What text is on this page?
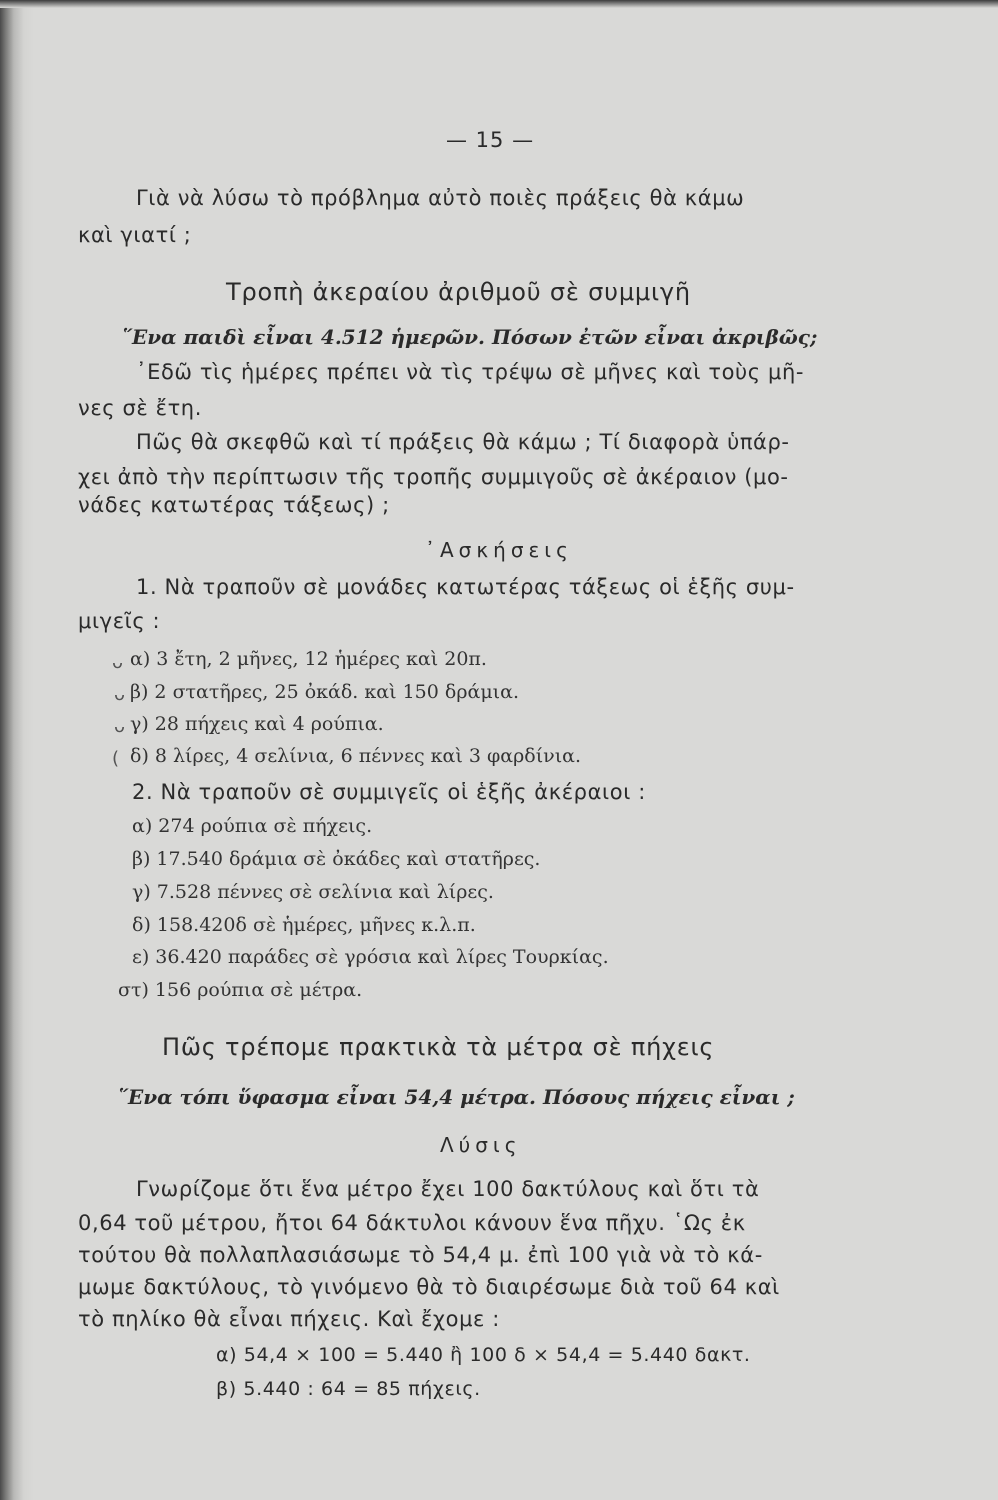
— 15 —
Γιὰ νὰ λύσω τὸ πρόβλημα αὐτὸ ποιὲς πράξεις θὰ κάμω
καὶ γιατί ;
Τροπὴ ἀκεραίου ἀριθμοῦ σὲ συμμιγῆ
῞Ενα παιδὶ εἶναι 4.512 ἡμερῶν. Πόσων ἐτῶν εἶναι ἀκριβῶς;
᾿Εδῶ τὶς ἡμέρες πρέπει νὰ τὶς τρέψω σὲ μῆνες καὶ τοὺς μῆ-
νες σὲ ἔτη.
Πῶς θὰ σκεφθῶ καὶ τί πράξεις θὰ κάμω ; Τί διαφορὰ ὑπάρ-
χει ἀπὸ τὴν περίπτωσιν τῆς τροπῆς συμμιγοῦς σὲ ἀκέραιον (μο-
νάδες κατωτέρας τάξεως) ;
᾿Ασκήσεις
1. Νὰ τραποῦν σὲ μονάδες κατωτέρας τάξεως οἱ ἑξῆς συμ-
μιγεῖς :
ᴗ α) 3 ἔτη, 2 μῆνες, 12 ἡμέρες καὶ 20π.
ᴗ β) 2 στατῆρες, 25 ὀκάδ. καὶ 150 δράμια.
ᴗ γ) 28 πήχεις καὶ 4 ρούπια.
( δ) 8 λίρες, 4 σελίνια, 6 πέννες καὶ 3 φαρδίνια.
2. Νὰ τραποῦν σὲ συμμιγεῖς οἱ ἑξῆς ἀκέραιοι :
α) 274 ρούπια σὲ πήχεις.
β) 17.540 δράμια σὲ ὀκάδες καὶ στατῆρες.
γ) 7.528 πέννες σὲ σελίνια καὶ λίρες.
δ) 158.420δ σὲ ἡμέρες, μῆνες κ.λ.π.
ε) 36.420 παράδες σὲ γρόσια καὶ λίρες Τουρκίας.
στ) 156 ρούπια σὲ μέτρα.
Πῶς τρέπομε πρακτικὰ τὰ μέτρα σὲ πήχεις
῞Ενα τόπι ὕφασμα εἶναι 54,4 μέτρα. Πόσους πήχεις εἶναι ;
Λύσις
Γνωρίζομε ὅτι ἕνα μέτρο ἔχει 100 δακτύλους καὶ ὅτι τὰ
0,64 τοῦ μέτρου, ἤτοι 64 δάκτυλοι κάνουν ἕνα πῆχυ. ῾Ως ἐκ
τούτου θὰ πολλαπλασιάσωμε τὸ 54,4 μ. ἐπὶ 100 γιὰ νὰ τὸ κά-
μωμε δακτύλους, τὸ γινόμενο θὰ τὸ διαιρέσωμε διὰ τοῦ 64 καὶ
τὸ πηλίκο θὰ εἶναι πήχεις. Καὶ ἔχομε :
α) 54,4 × 100 = 5.440 ἢ 100 δ × 54,4 = 5.440 δακτ.
β) 5.440 : 64 = 85 πήχεις.
